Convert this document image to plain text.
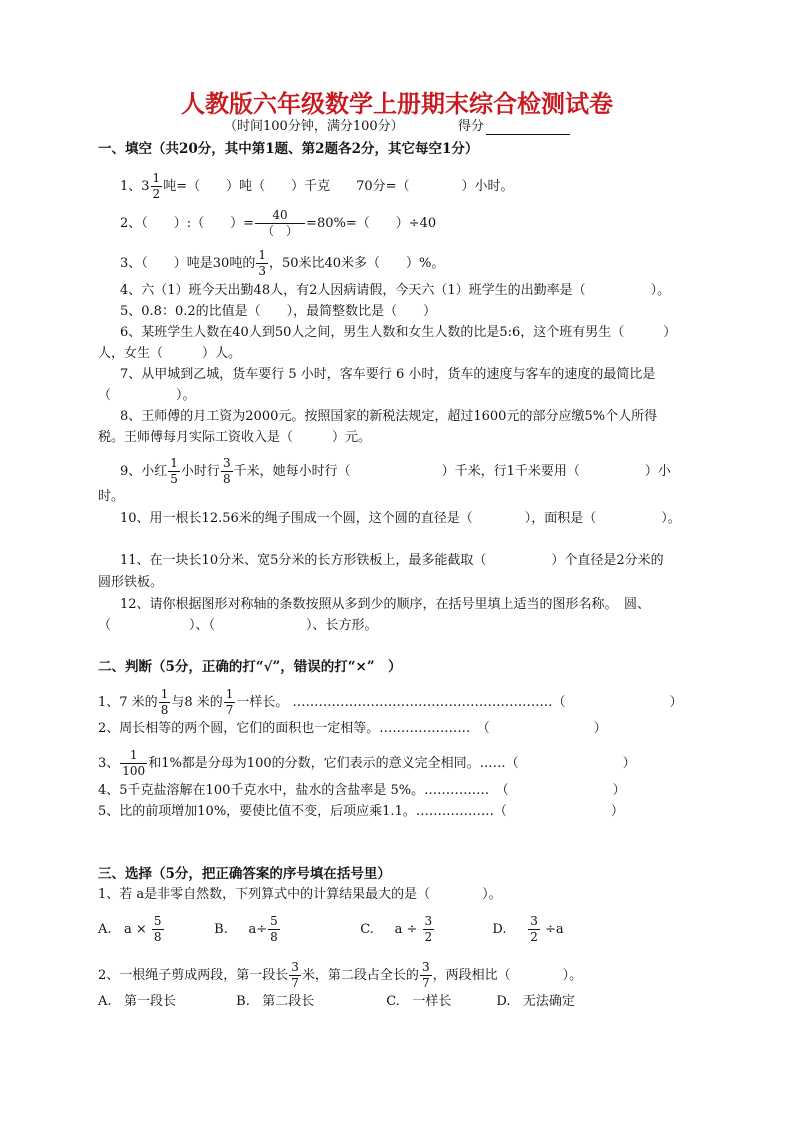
人教版六年级数学上册期末综合检测试卷
（时间100分钟，满分100分）	得分
一、填空（共20分，其中第1题、第2题各2分，其它每空1分）
1、$3 \frac{1}{2}$ 吨=（　　）吨（　　）千克　　70分=（　　　　）小时。
2、（　　）:（　　）= $\frac{40}{( )} =80\%=$（　　）÷40
3、（　　）吨是30吨的 $\frac{1}{3}$ ，50米比40米多（　　）%。
4、六（1）班今天出勤48人，有2人因病请假，今天六（1）班学生的出勤率是（　　　　　）。
5、0.8：0.2的比值是（　　），最简整数比是（　　）
6、某班学生人数在40人到50人之间，男生人数和女生人数的比是5:6，这个班有男生（　　　）
人，女生（　　　）人。
7、从甲城到乙城，货车要行 5 小时，客车要行 6 小时，货车的速度与客车的速度的最简比是
（　　　　　）。
8、王师傅的月工资为2000元。按照国家的新税法规定，超过1600元的部分应缴5%个人所得
税。王师傅每月实际工资收入是（　　　）元。
9、小红 $\frac{1}{5}$ 小时行 $\frac{3}{8}$ 千米，她每小时行（　　　　　　　）千米，行1千米要用（　　　　　）小
时。
10、用一根长12.56米的绳子围成一个圆，这个圆的直径是（　　　　），面积是（　　　　　）。
11、在一块长10分米、宽5分米的长方形铁板上，最多能截取（　　　　　）个直径是2分米的
圆形铁板。
12、请你根据图形对称轴的条数按照从多到少的顺序，在括号里填上适当的图形名称。　圆、
（　　　　　　）、（　　　　　　　）、长方形。
二、判断（5分，正确的打“√”，错误的打“×”　）
1、7 米的 $\frac{1}{8}$ 与8 米的 $\frac{1}{7}$ 一样长。 ……………………………………………………（　　　　　　　　）
2、周长相等的两个圆，它们的面积也一定相等。…………………　（　　　　　　　　）
3、 $\frac{1}{100}$ 和1%都是分母为100的分数，它们表示的意义完全相同。……（　　　　　　　　）
4、5千克盐溶解在100千克水中，盐水的含盐率是 5%。……………　（　　　　　　　　）
5、比的前项增加10%，要使比值不变，后项应乘1.1。………………（　　　　　　　　）
三、选择（5分，把正确答案的序号填在括号里）
1、若 a是非零自然数，下列算式中的计算结果最大的是（　　　　）。
A. $a \times \frac{5}{8}$	B. $a\div \frac{5}{8}$	C. $a \div \frac{3}{2}$	D. $\frac{3}{2} \div a$
2、一根绳子剪成两段，第一段长 $\frac{3}{7}$ 米，第二段占全长的 $\frac{3}{7}$ ，两段相比（　　　　）。
A. 第一段长	B. 第二段长	C. 一样长	D. 无法确定
